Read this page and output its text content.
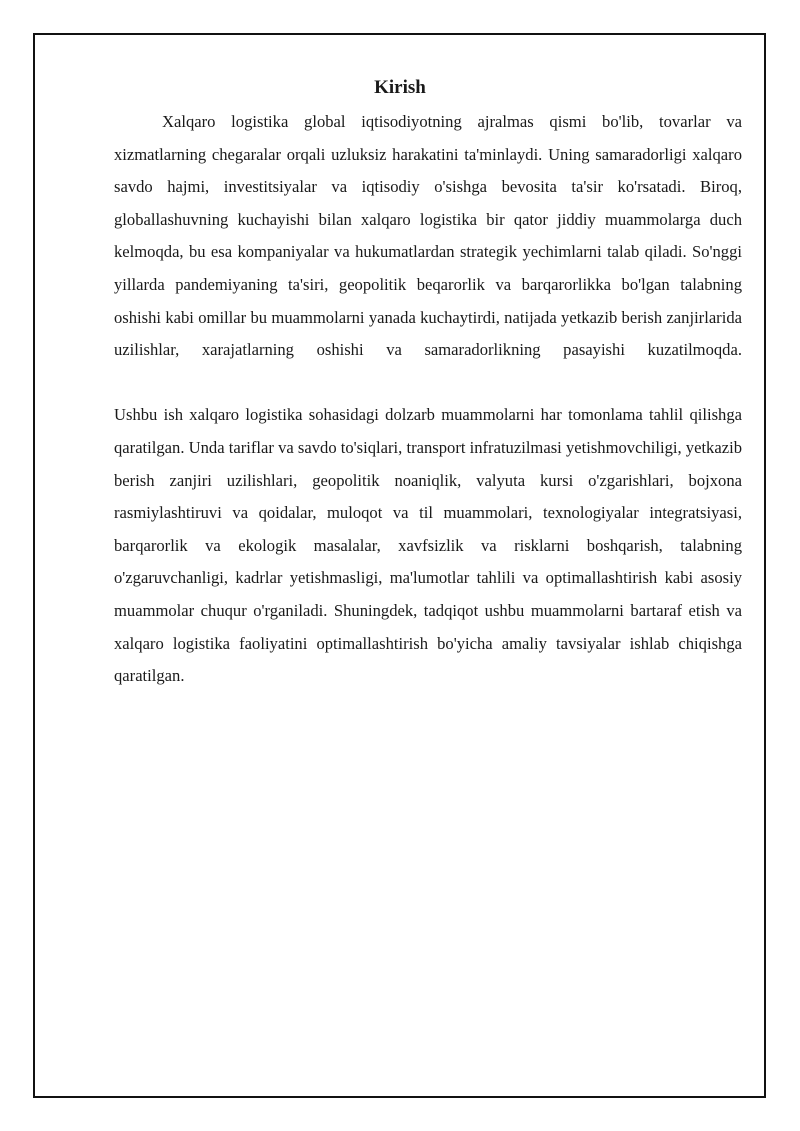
Kirish

Xalqaro logistika global iqtisodiyotning ajralmas qismi bo'lib, tovarlar va xizmatlarning chegaralar orqali uzluksiz harakatini ta'minlaydi. Uning samaradorligi xalqaro savdo hajmi, investitsiyalar va iqtisodiy o'sishga bevosita ta'sir ko'rsatadi. Biroq, globallashuvning kuchayishi bilan xalqaro logistika bir qator jiddiy muammolarga duch kelmoqda, bu esa kompaniyalar va hukumatlardan strategik yechimlarni talab qiladi. So'nggi yillarda pandemiyaning ta'siri, geopolitik beqarorlik va barqarorlikka bo'lgan talabning oshishi kabi omillar bu muammolarni yanada kuchaytirdi, natijada yetkazib berish zanjirlarida uzilishlar, xarajatlarning oshishi va samaradorlikning pasayishi kuzatilmoqda.

Ushbu ish xalqaro logistika sohasidagi dolzarb muammolarni har tomonlama tahlil qilishga qaratilgan. Unda tariflar va savdo to'siqlari, transport infratuzilmasi yetishmovchiligi, yetkazib berish zanjiri uzilishlari, geopolitik noaniqlik, valyuta kursi o'zgarishlari, bojxona rasmiylashtiruvi va qoidalar, muloqot va til muammolari, texnologiyalar integratsiyasi, barqarorlik va ekologik masalalar, xavfsizlik va risklarni boshqarish, talabning o'zgaruvchanligi, kadrlar yetishmasligi, ma'lumotlar tahlili va optimallashtirish kabi asosiy muammolar chuqur o'rganiladi. Shuningdek, tadqiqot ushbu muammolarni bartaraf etish va xalqaro logistika faoliyatini optimallashtirish bo'yicha amaliy tavsiyalar ishlab chiqishga qaratilgan.
